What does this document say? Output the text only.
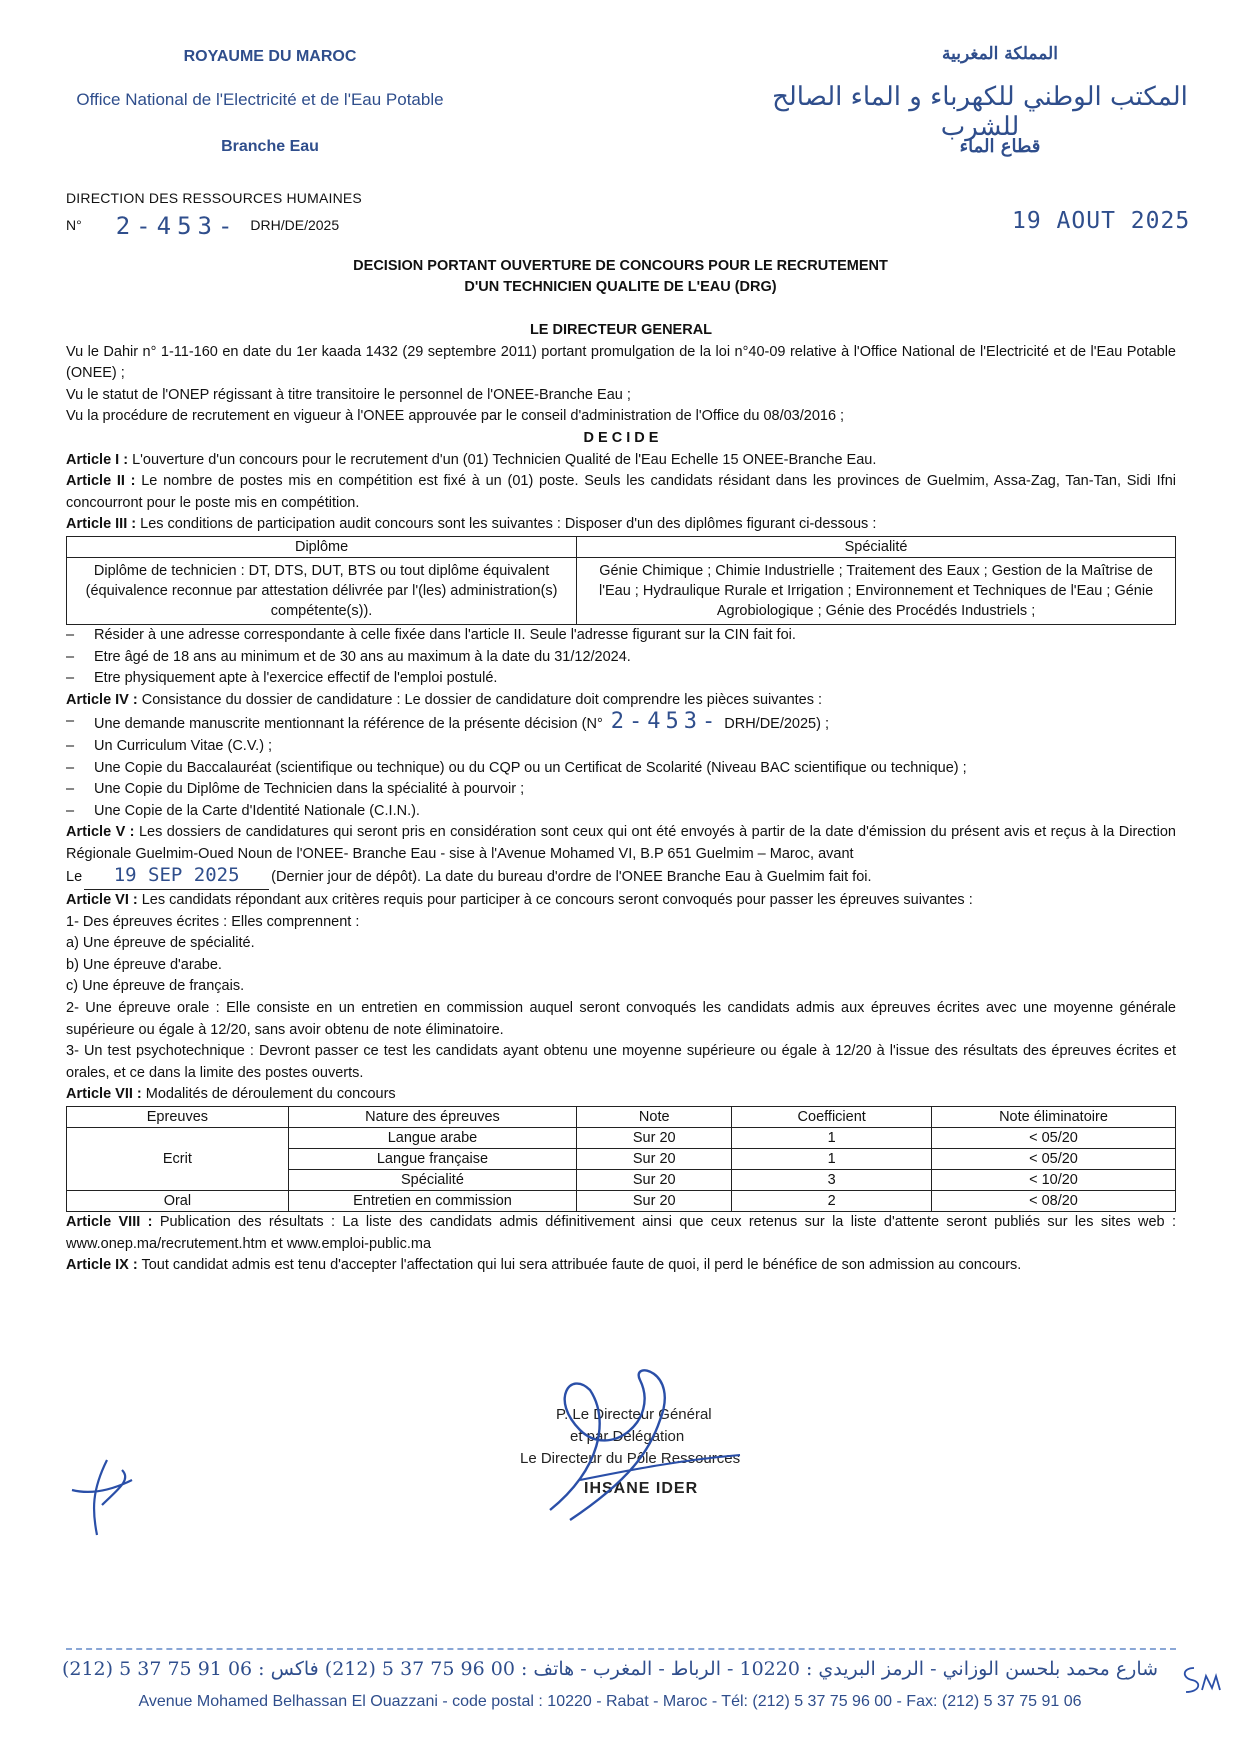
ROYAUME DU MAROC
Office National de l'Electricité et de l'Eau Potable
Branche Eau
المملكة المغربية
المكتب الوطني للكهرباء و الماء الصالح للشرب
قطاع الماء
DIRECTION DES RESSOURCES HUMAINES
N° 2-453- DRH/DE/2025	19 AOUT 2025
DECISION PORTANT OUVERTURE DE CONCOURS POUR LE RECRUTEMENT
D'UN TECHNICIEN QUALITE DE L'EAU (DRG)

LE DIRECTEUR GENERAL

Vu le Dahir n° 1-11-160 en date du 1er kaada 1432 (29 septembre 2011) portant promulgation de la loi n°40-09 relative à l'Office National de l'Electricité et de l'Eau Potable (ONEE) ;

Vu le statut de l'ONEP régissant à titre transitoire le personnel de l'ONEE-Branche Eau ;

Vu la procédure de recrutement en vigueur à l'ONEE approuvée par le conseil d'administration de l'Office du 08/03/2016 ;

D E C I D E

Article I : L'ouverture d'un concours pour le recrutement d'un (01) Technicien Qualité de l'Eau Echelle 15 ONEE-Branche Eau.

Article II : Le nombre de postes mis en compétition est fixé à un (01) poste. Seuls les candidats résidant dans les provinces de Guelmim, Assa-Zag, Tan-Tan, Sidi Ifni concourront pour le poste mis en compétition.

Article III : Les conditions de participation audit concours sont les suivantes : Disposer d'un des diplômes figurant ci-dessous :

Diplôme	Spécialité
Diplôme de technicien : DT, DTS, DUT, BTS ou tout diplôme équivalent (équivalence reconnue par attestation délivrée par l'(les) administration(s) compétente(s)).	Génie Chimique ; Chimie Industrielle ; Traitement des Eaux ; Gestion de la Maîtrise de l'Eau ; Hydraulique Rurale et Irrigation ; Environnement et Techniques de l'Eau ; Génie Agrobiologique ; Génie des Procédés Industriels ;

– Résider à une adresse correspondante à celle fixée dans l'article II. Seule l'adresse figurant sur la CIN fait foi.

– Etre âgé de 18 ans au minimum et de 30 ans au maximum à la date du 31/12/2024.

– Etre physiquement apte à l'exercice effectif de l'emploi postulé.

Article IV : Consistance du dossier de candidature : Le dossier de candidature doit comprendre les pièces suivantes :

– Une demande manuscrite mentionnant la référence de la présente décision (N° 2-453- DRH/DE/2025) ;

– Un Curriculum Vitae (C.V.) ;

– Une Copie du Baccalauréat (scientifique ou technique) ou du CQP ou un Certificat de Scolarité (Niveau BAC scientifique ou technique) ;

– Une Copie du Diplôme de Technicien dans la spécialité à pourvoir ;

– Une Copie de la Carte d'Identité Nationale (C.I.N.).

Article V : Les dossiers de candidatures qui seront pris en considération sont ceux qui ont été envoyés à partir de la date d'émission du présent avis et reçus à la Direction Régionale Guelmim-Oued Noun de l'ONEE- Branche Eau - sise à l'Avenue Mohamed VI, B.P 651 Guelmim – Maroc, avant

Le 19 SEP 2025 (Dernier jour de dépôt). La date du bureau d'ordre de l'ONEE Branche Eau à Guelmim fait foi.

Article VI : Les candidats répondant aux critères requis pour participer à ce concours seront convoqués pour passer les épreuves suivantes :

1- Des épreuves écrites : Elles comprennent :

a) Une épreuve de spécialité.

b) Une épreuve d'arabe.

c) Une épreuve de français.

2- Une épreuve orale : Elle consiste en un entretien en commission auquel seront convoqués les candidats admis aux épreuves écrites avec une moyenne générale supérieure ou égale à 12/20, sans avoir obtenu de note éliminatoire.

3- Un test psychotechnique : Devront passer ce test les candidats ayant obtenu une moyenne supérieure ou égale à 12/20 à l'issue des résultats des épreuves écrites et orales, et ce dans la limite des postes ouverts.

Article VII : Modalités de déroulement du concours

Epreuves	Nature des épreuves	Note	Coefficient	Note éliminatoire
Ecrit	Langue arabe	Sur 20	1	< 05/20
	Langue française	Sur 20	1	< 05/20
	Spécialité	Sur 20	3	< 10/20
Oral	Entretien en commission	Sur 20	2	< 08/20

Article VIII : Publication des résultats : La liste des candidats admis définitivement ainsi que ceux retenus sur la liste d'attente seront publiés sur les sites web : www.onep.ma/recrutement.htm et www.emploi-public.ma

Article IX : Tout candidat admis est tenu d'accepter l'affectation qui lui sera attribuée faute de quoi, il perd le bénéfice de son admission au concours.

P. Le Directeur Général
et par Délégation
Le Directeur du Pôle Ressources
IHSANE IDER
شارع محمد بلحسن الوزاني - الرمز البريدي : 10220 - الرباط - المغرب - هاتف : 00 96 75 37 5 (212) فاكس : 06 91 75 37 5 (212)
Avenue Mohamed Belhassan El Ouazzani - code postal : 10220 - Rabat - Maroc - Tél: (212) 5 37 75 96 00 - Fax: (212) 5 37 75 91 06
